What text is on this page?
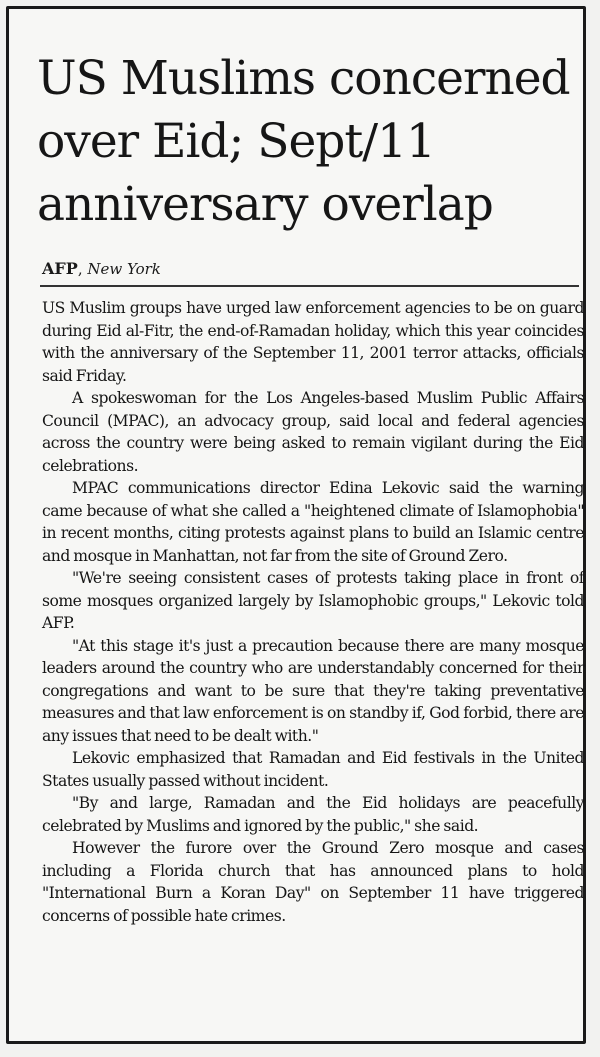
US Muslims concerned over Eid; Sept/11 anniversary overlap
AFP, New York

US Muslim groups have urged law enforcement agencies to be on guard during Eid al-Fitr, the end-of-Ramadan holiday, which this year coincides with the anniversary of the September 11, 2001 terror attacks, officials said Friday.

A spokeswoman for the Los Angeles-based Muslim Public Affairs Council (MPAC), an advocacy group, said local and federal agencies across the country were being asked to remain vigilant during the Eid celebrations.

MPAC communications director Edina Lekovic said the warning came because of what she called a "heightened climate of Islamophobia" in recent months, citing protests against plans to build an Islamic centre and mosque in Manhattan, not far from the site of Ground Zero.

"We're seeing consistent cases of protests taking place in front of some mosques organized largely by Islamophobic groups," Lekovic told AFP.

"At this stage it's just a precaution because there are many mosque leaders around the country who are understandably concerned for their congregations and want to be sure that they're taking preventative measures and that law enforcement is on standby if, God forbid, there are any issues that need to be dealt with."

Lekovic emphasized that Ramadan and Eid festivals in the United States usually passed without incident.

"By and large, Ramadan and the Eid holidays are peacefully celebrated by Muslims and ignored by the public," she said.

However the furore over the Ground Zero mosque and cases including a Florida church that has announced plans to hold "International Burn a Koran Day" on September 11 have triggered concerns of possible hate crimes.
